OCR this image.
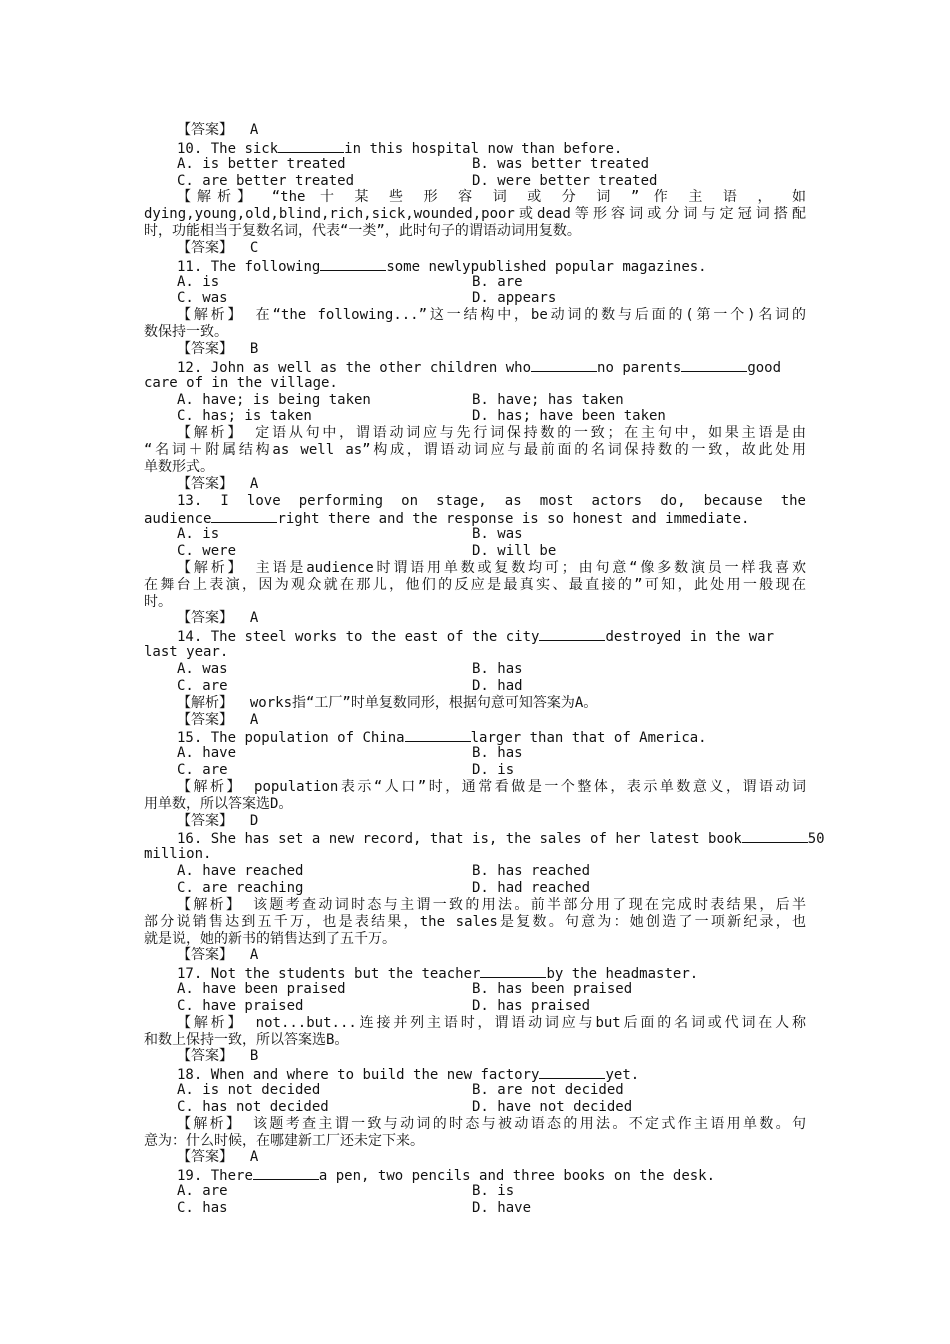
【答案】 A
10. The sick	in this hospital now than before.
A. is better treated	B. was better treated
C. are better treated	D. were better treated
【解析】 “the 十 某 些 形 容 词 或 分 词 ” 作 主 语 ， 如
dying,young,old,blind,rich,sick,wounded,poor或dead等形容词或分词与定冠词搭配
时，功能相当于复数名词，代表“一类”，此时句子的谓语动词用复数。
【答案】 C
11. The following	some newlypublished popular magazines.
A. is	B. are
C. was	D. appears
【解析】 在“the following...”这一结构中，be动词的数与后面的(第一个)名词的
数保持一致。
【答案】 B
12. John as well as the other children who	no parents	good
care of in the village.
A. have; is being taken	B. have; has taken
C. has; is taken	D. has; have been taken
【解析】 定语从句中，谓语动词应与先行词保持数的一致；在主句中，如果主语是由
“名词＋附属结构as well as”构成，谓语动词应与最前面的名词保持数的一致，故此处用
单数形式。
【答案】 A
13. I love performing on stage, as most actors do, because the
audience	right there and the response is so honest and immediate.
A. is	B. was
C. were	D. will be
【解析】 主语是audience时谓语用单数或复数均可；由句意“像多数演员一样我喜欢
在舞台上表演，因为观众就在那儿，他们的反应是最真实、最直接的”可知，此处用一般现在
时。
【答案】 A
14. The steel works to the east of the city	destroyed in the war
last year.
A. was	B. has
C. are	D. had
【解析】 works指“工厂”时单复数同形，根据句意可知答案为A。
【答案】 A
15. The population of China	larger than that of America.
A. have	B. has
C. are	D. is
【解析】 population表示“人口”时，通常看做是一个整体，表示单数意义，谓语动词
用单数，所以答案选D。
【答案】 D
16. She has set a new record, that is, the sales of her latest book	50
million.
A. have reached	B. has reached
C. are reaching	D. had reached
【解析】 该题考查动词时态与主谓一致的用法。前半部分用了现在完成时表结果，后半
部分说销售达到五千万，也是表结果，the sales是复数。句意为：她创造了一项新纪录，也
就是说，她的新书的销售达到了五千万。
【答案】 A
17. Not the students but the teacher	by the headmaster.
A. have been praised	B. has been praised
C. have praised	D. has praised
【解析】 not...but...连接并列主语时，谓语动词应与but后面的名词或代词在人称
和数上保持一致，所以答案选B。
【答案】 B
18. When and where to build the new factory	yet.
A. is not decided	B. are not decided
C. has not decided	D. have not decided
【解析】 该题考查主谓一致与动词的时态与被动语态的用法。不定式作主语用单数。句
意为：什么时候，在哪建新工厂还未定下来。
【答案】 A
19. There	a pen, two pencils and three books on the desk.
A. are	B. is
C. has	D. have
